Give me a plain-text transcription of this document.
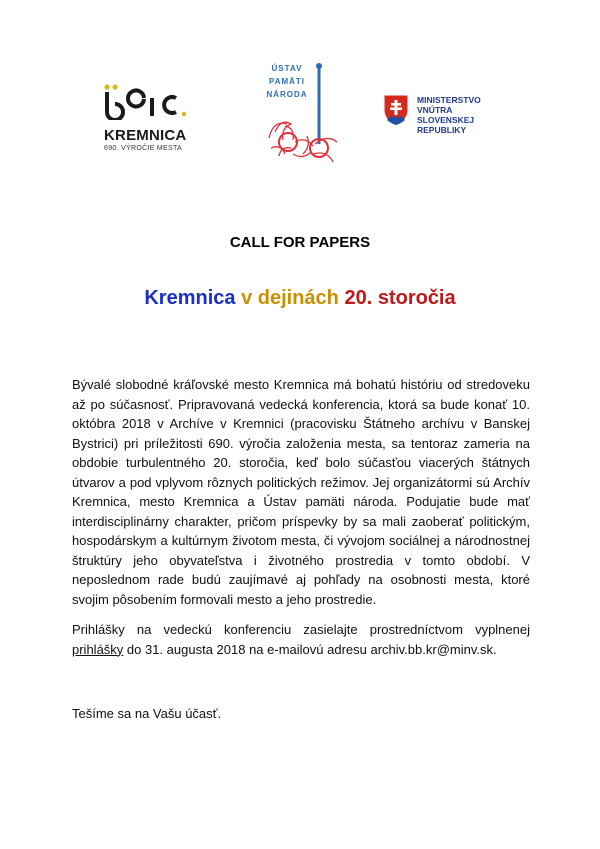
KREMNICA
690. VÝROČIE MESTA
ÚSTAV
PAMÄTI
NÁRODA
MINISTERSTVO
VNÚTRA
SLOVENSKEJ REPUBLIKY
CALL FOR PAPERS
Kremnica v dejinách 20. storočia

Bývalé slobodné kráľovské mesto Kremnica má bohatú históriu od stredoveku až po súčasnosť. Pripravovaná vedecká konferencia, ktorá sa bude konať 10. októbra 2018 v Archíve v Kremnici (pracovisku Štátneho archívu v Banskej Bystrici) pri príležitosti 690. výročia založenia mesta, sa tentoraz zameria na obdobie turbulentného 20. storočia, keď bolo súčasťou viacerých štátnych útvarov a pod vplyvom rôznych politických režimov. Jej organizátormi sú Archív Kremnica, mesto Kremnica a Ústav pamäti národa. Podujatie bude mať interdisciplinárny charakter, pričom príspevky by sa mali zaoberať politickým, hospodárskym a kultúrnym životom mesta, či vývojom sociálnej a národnostnej štruktúry jeho obyvateľstva i životného prostredia v tomto období. V neposlednom rade budú zaujímavé aj pohľady na osobnosti mesta, ktoré svojim pôsobením formovali mesto a jeho prostredie.

Prihlášky na vedeckú konferenciu zasielajte prostredníctvom vyplnenej prihlášky do 31. augusta 2018 na e-mailovú adresu archiv.bb.kr@minv.sk.

Tešíme sa na Vašu účasť.
